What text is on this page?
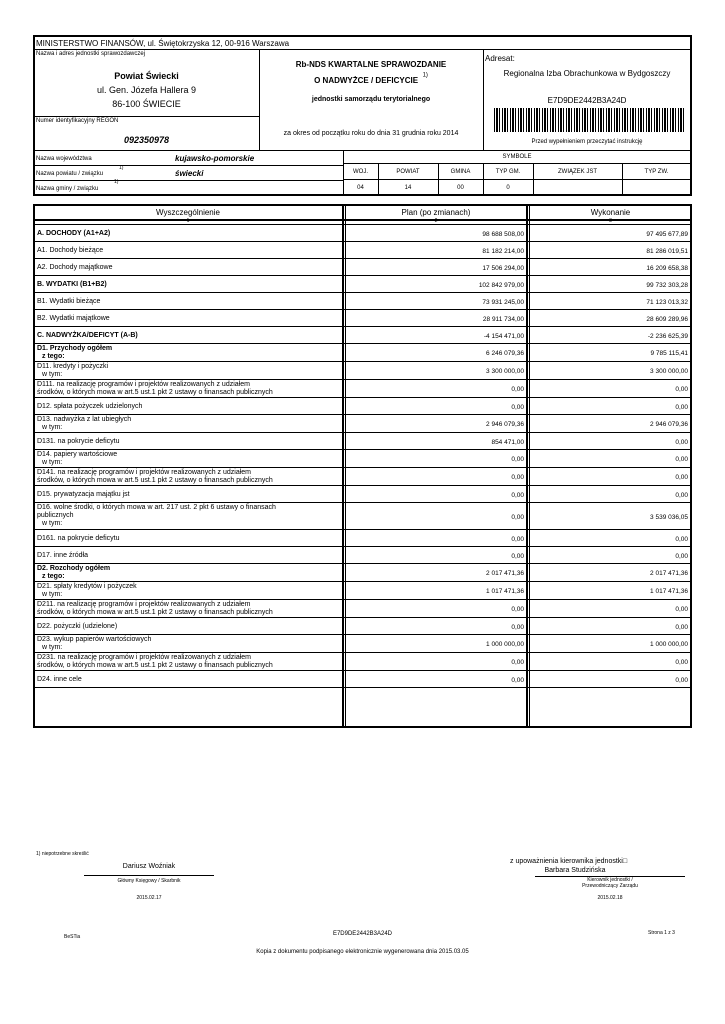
MINISTERSTWO FINANSÓW, ul. Świętokrzyska 12, 00-916 Warszawa
Nazwa i adres jednostki sprawozdawczej
Powiat Świecki
ul. Gen. Józefa Hallera 9
86-100 ŚWIECIE
Numer identyfikacyjny REGON
092350978
Rb-NDS KWARTALNE SPRAWOZDANIE
O NADWYŻCE / DEFICYCIE $^{1)}$
jednostki samorządu terytorialnego
za okres od początku roku do dnia 31 grudnia roku 2014
Adresat:
Regionalna Izba Obrachunkowa w Bydgoszczy
E7D9DE2442B3A24D
Przed wypełnieniem przeczytać instrukcję
Nazwa województwa	kujawsko-pomorskie
Nazwa powiatu / związku
1)
świecki
Nazwa gminy / związku
1)
SYMBOLE
WOJ.	POWIAT	GMINA	TYP GM.	ZWIĄZEK JST	TYP ZW.
04	14	00	0
Wyszczególnienie	Plan (po zmianach)	Wykonanie
1	2	3
A. DOCHODY (A1+A2)	98 688 508,00	97 495 677,89
A1. Dochody bieżące	81 182 214,00	81 286 019,51
A2. Dochody majątkowe	17 506 294,00	16 209 658,38
B. WYDATKI (B1+B2)	102 842 979,00	99 732 303,28
B1. Wydatki bieżące	73 931 245,00	71 123 013,32
B2. Wydatki majątkowe	28 911 734,00	28 609 289,96
C. NADWYŻKA/DEFICYT (A-B)	-4 154 471,00	-2 236 625,39
D1. Przychody ogółem
z tego:	6 246 079,36	9 785 115,41
D11. kredyty i pożyczki
w tym:	3 300 000,00	3 300 000,00
D111. na realizację programów i projektów realizowanych z udziałem
środków, o których mowa w art.5 ust.1 pkt 2 ustawy o finansach publicznych	0,00	0,00
D12. spłata pożyczek udzielonych	0,00	0,00
D13. nadwyżka z lat ubiegłych
w tym:	2 946 079,36	2 946 079,36
D131. na pokrycie deficytu	854 471,00	0,00
D14. papiery wartościowe
w tym:	0,00	0,00
D141. na realizację programów i projektów realizowanych z udziałem
środków, o których mowa w art.5 ust.1 pkt 2 ustawy o finansach publicznych	0,00	0,00
D15. prywatyzacja majątku jst	0,00	0,00
D16. wolne środki, o których mowa w art. 217 ust. 2 pkt 6 ustawy o finansach
publicznych
w tym:
0,00	3 539 036,05
D161. na pokrycie deficytu	0,00	0,00
D17. inne źródła	0,00	0,00
D2. Rozchody ogółem
z tego:	2 017 471,36	2 017 471,36
D21. spłaty kredytów i pożyczek
w tym:	1 017 471,36	1 017 471,36
D211. na realizację programów i projektów realizowanych z udziałem
środków, o których mowa w art.5 ust.1 pkt 2 ustawy o finansach publicznych	0,00	0,00
D22. pożyczki (udzielone)	0,00	0,00
D23. wykup papierów wartościowych
w tym:	1 000 000,00	1 000 000,00
D231. na realizację programów i projektów realizowanych z udziałem
środków, o których mowa w art.5 ust.1 pkt 2 ustawy o finansach publicznych	0,00	0,00
D24. inne cele	0,00	0,00
1) niepotrzebne skreślić
Dariusz Woźniak
Główny Księgowy / Skarbnik
2015.02.17
z upoważnienia kierownika jednostki□
Barbara Studzińska
Kierownik jednostki /
Przewodniczący Zarządu
2015.02.18
BeSTia	E7D9DE2442B3A24D	Strona 1 z 3
Kopia z dokumentu podpisanego elektronicznie wygenerowana dnia 2015.03.05
